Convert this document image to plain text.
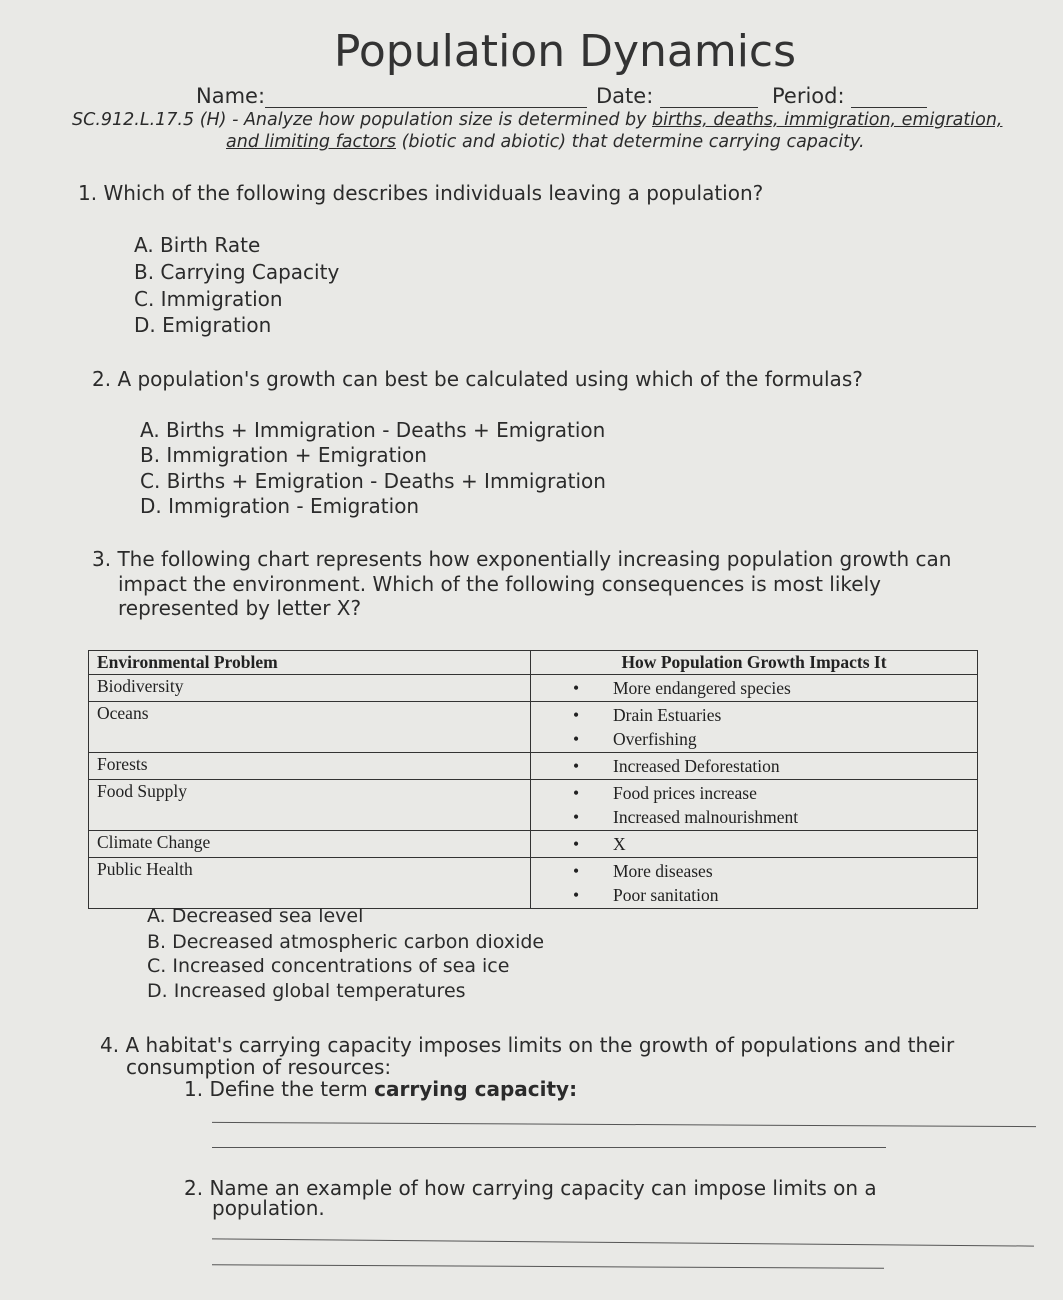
Population Dynamics
Name:	Date:	Period:
SC.912.L.17.5 (H) - Analyze how population size is determined by births, deaths, immigration, emigration,
and limiting factors (biotic and abiotic) that determine carrying capacity.
1. Which of the following describes individuals leaving a population?
A. Birth Rate
B. Carrying Capacity
C. Immigration
D. Emigration
2. A population's growth can best be calculated using which of the formulas?
A. Births + Immigration - Deaths + Emigration
B. Immigration + Emigration
C. Births + Emigration - Deaths + Immigration
D. Immigration - Emigration
3. The following chart represents how exponentially increasing population growth can
impact the environment. Which of the following consequences is most likely
represented by letter X?
Environmental Problem	How Population Growth Impacts It
Biodiversity	• More endangered species

Oceans	• Drain Estuaries
• Overfishing

Forests	• Increased Deforestation

Food Supply	• Food prices increase
• Increased malnourishment

Climate Change	• X

Public Health	• More diseases
• Poor sanitation
A. Decreased sea level
B. Decreased atmospheric carbon dioxide
C. Increased concentrations of sea ice
D. Increased global temperatures
4. A habitat's carrying capacity imposes limits on the growth of populations and their
consumption of resources:
1. Define the term carrying capacity:
2. Name an example of how carrying capacity can impose limits on a
population.
